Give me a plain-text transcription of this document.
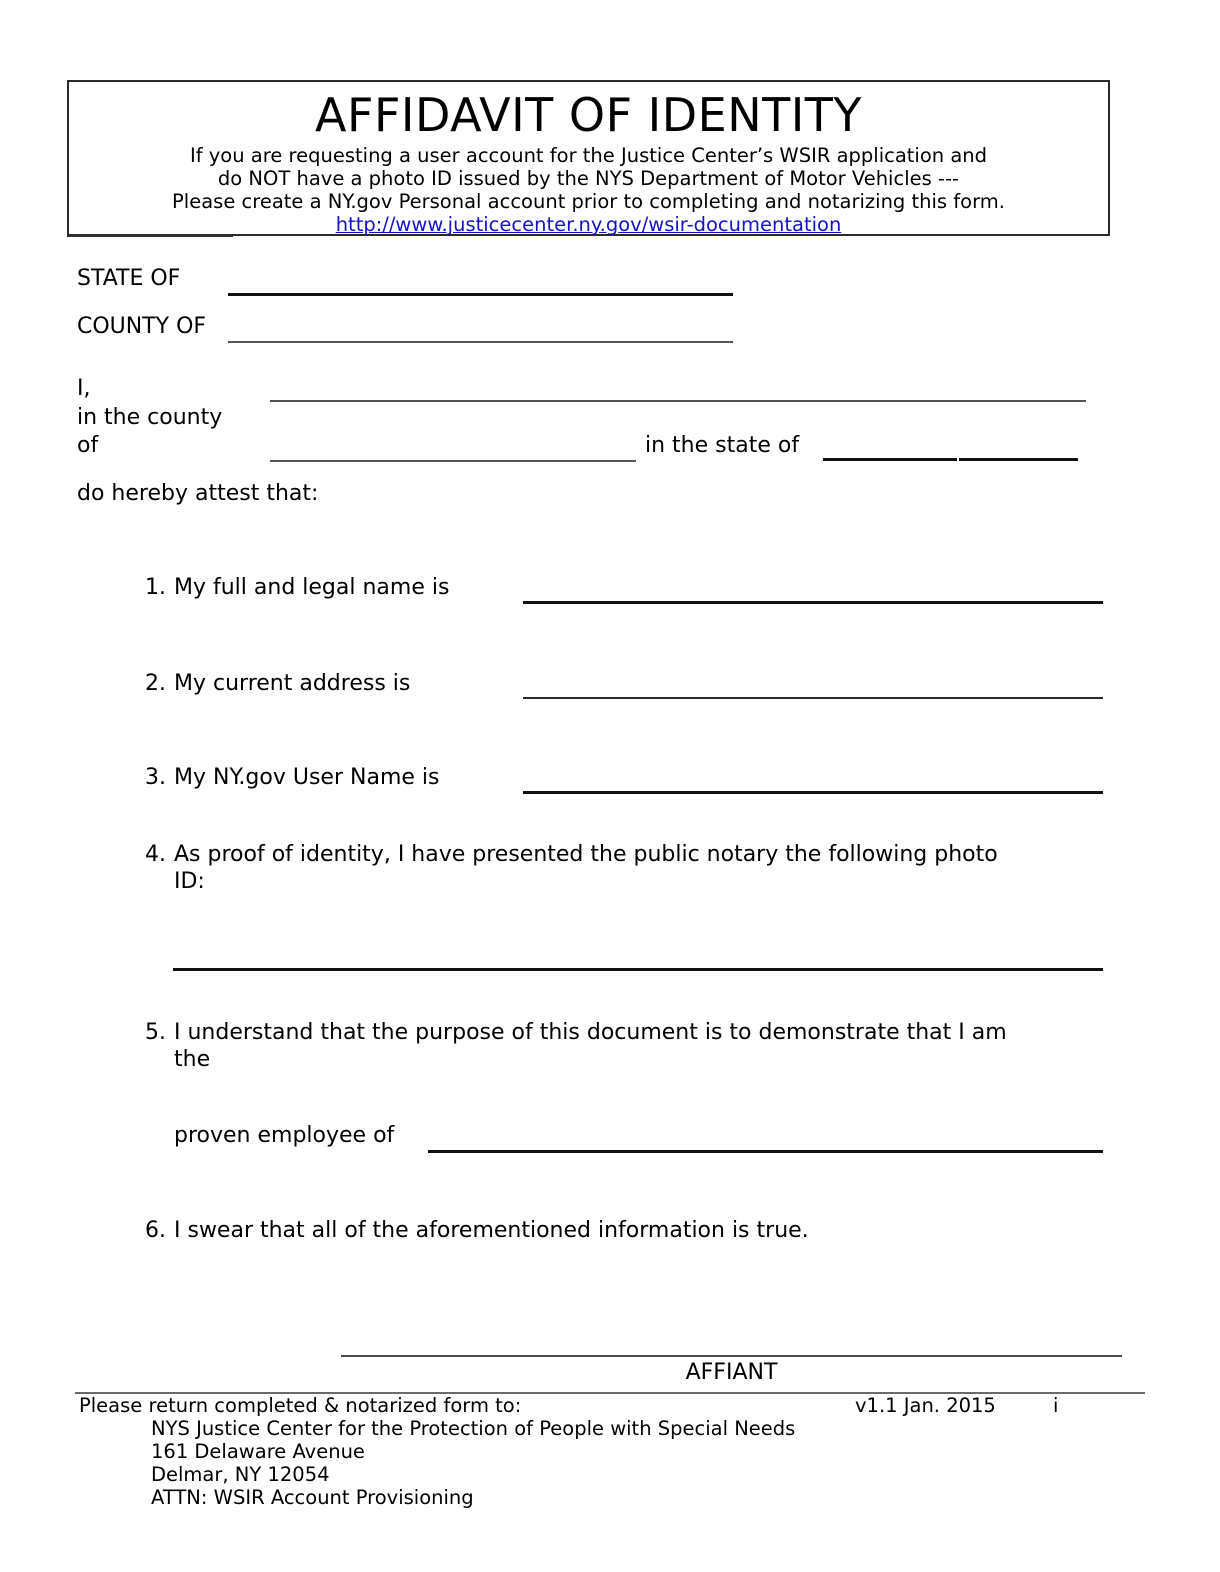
AFFIDAVIT OF IDENTITY
If you are requesting a user account for the Justice Center’s WSIR application and
do NOT have a photo ID issued by the NYS Department of Motor Vehicles ---
Please create a NY.gov Personal account prior to completing and notarizing this form.
http://www.justicecenter.ny.gov/wsir-documentation
STATE OF
COUNTY OF
I,
in the county
of	in the state of
do hereby attest that:
1. My full and legal name is
2. My current address is
3. My NY.gov User Name is
4. As proof of identity, I have presented the public notary the following photo
ID:
5. I understand that the purpose of this document is to demonstrate that I am
the
proven employee of
6. I swear that all of the aforementioned information is true.
AFFIANT
Please return completed & notarized form to:	v1.1 Jan. 2015	i
NYS Justice Center for the Protection of People with Special Needs
161 Delaware Avenue
Delmar, NY 12054
ATTN: WSIR Account Provisioning
